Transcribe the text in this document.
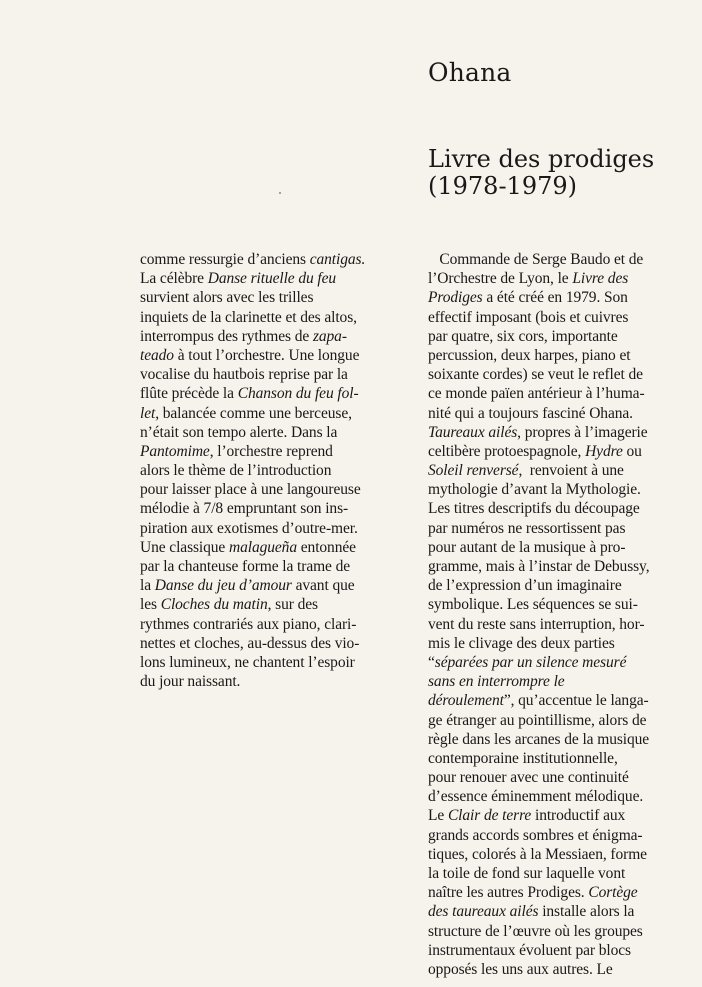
Ohana
Livre des prodiges
(1978-1979)
comme ressurgie d’anciens cantigas.
La célèbre Danse rituelle du feu
survient alors avec les trilles
inquiets de la clarinette et des altos,
interrompus des rythmes de zapa-
teado à tout l’orchestre. Une longue
vocalise du hautbois reprise par la
flûte précède la Chanson du feu fol-
let, balancée comme une berceuse,
n’était son tempo alerte. Dans la
Pantomime, l’orchestre reprend
alors le thème de l’introduction
pour laisser place à une langoureuse
mélodie à 7/8 empruntant son ins-
piration aux exotismes d’outre-mer.
Une classique malagueña entonnée
par la chanteuse forme la trame de
la Danse du jeu d’amour avant que
les Cloches du matin, sur des
rythmes contrariés aux piano, clari-
nettes et cloches, au-dessus des vio-
lons lumineux, ne chantent l’espoir
du jour naissant.
Commande de Serge Baudo et de
l’Orchestre de Lyon, le Livre des
Prodiges a été créé en 1979. Son
effectif imposant (bois et cuivres
par quatre, six cors, importante
percussion, deux harpes, piano et
soixante cordes) se veut le reflet de
ce monde païen antérieur à l’huma-
nité qui a toujours fasciné Ohana.
Taureaux ailés, propres à l’imagerie
celtibère protoespagnole, Hydre ou
Soleil renversé,  renvoient à une
mythologie d’avant la Mythologie.
Les titres descriptifs du découpage
par numéros ne ressortissent pas
pour autant de la musique à pro-
gramme, mais à l’instar de Debussy,
de l’expression d’un imaginaire
symbolique. Les séquences se sui-
vent du reste sans interruption, hor-
mis le clivage des deux parties
“séparées par un silence mesuré
sans en interrompre le
déroulement”, qu’accentue le langa-
ge étranger au pointillisme, alors de
règle dans les arcanes de la musique
contemporaine institutionnelle,
pour renouer avec une continuité
d’essence éminemment mélodique.
Le Clair de terre introductif aux
grands accords sombres et énigma-
tiques, colorés à la Messiaen, forme
la toile de fond sur laquelle vont
naître les autres Prodiges. Cortège
des taureaux ailés installe alors la
structure de l’œuvre où les groupes
instrumentaux évoluent par blocs
opposés les uns aux autres. Le
